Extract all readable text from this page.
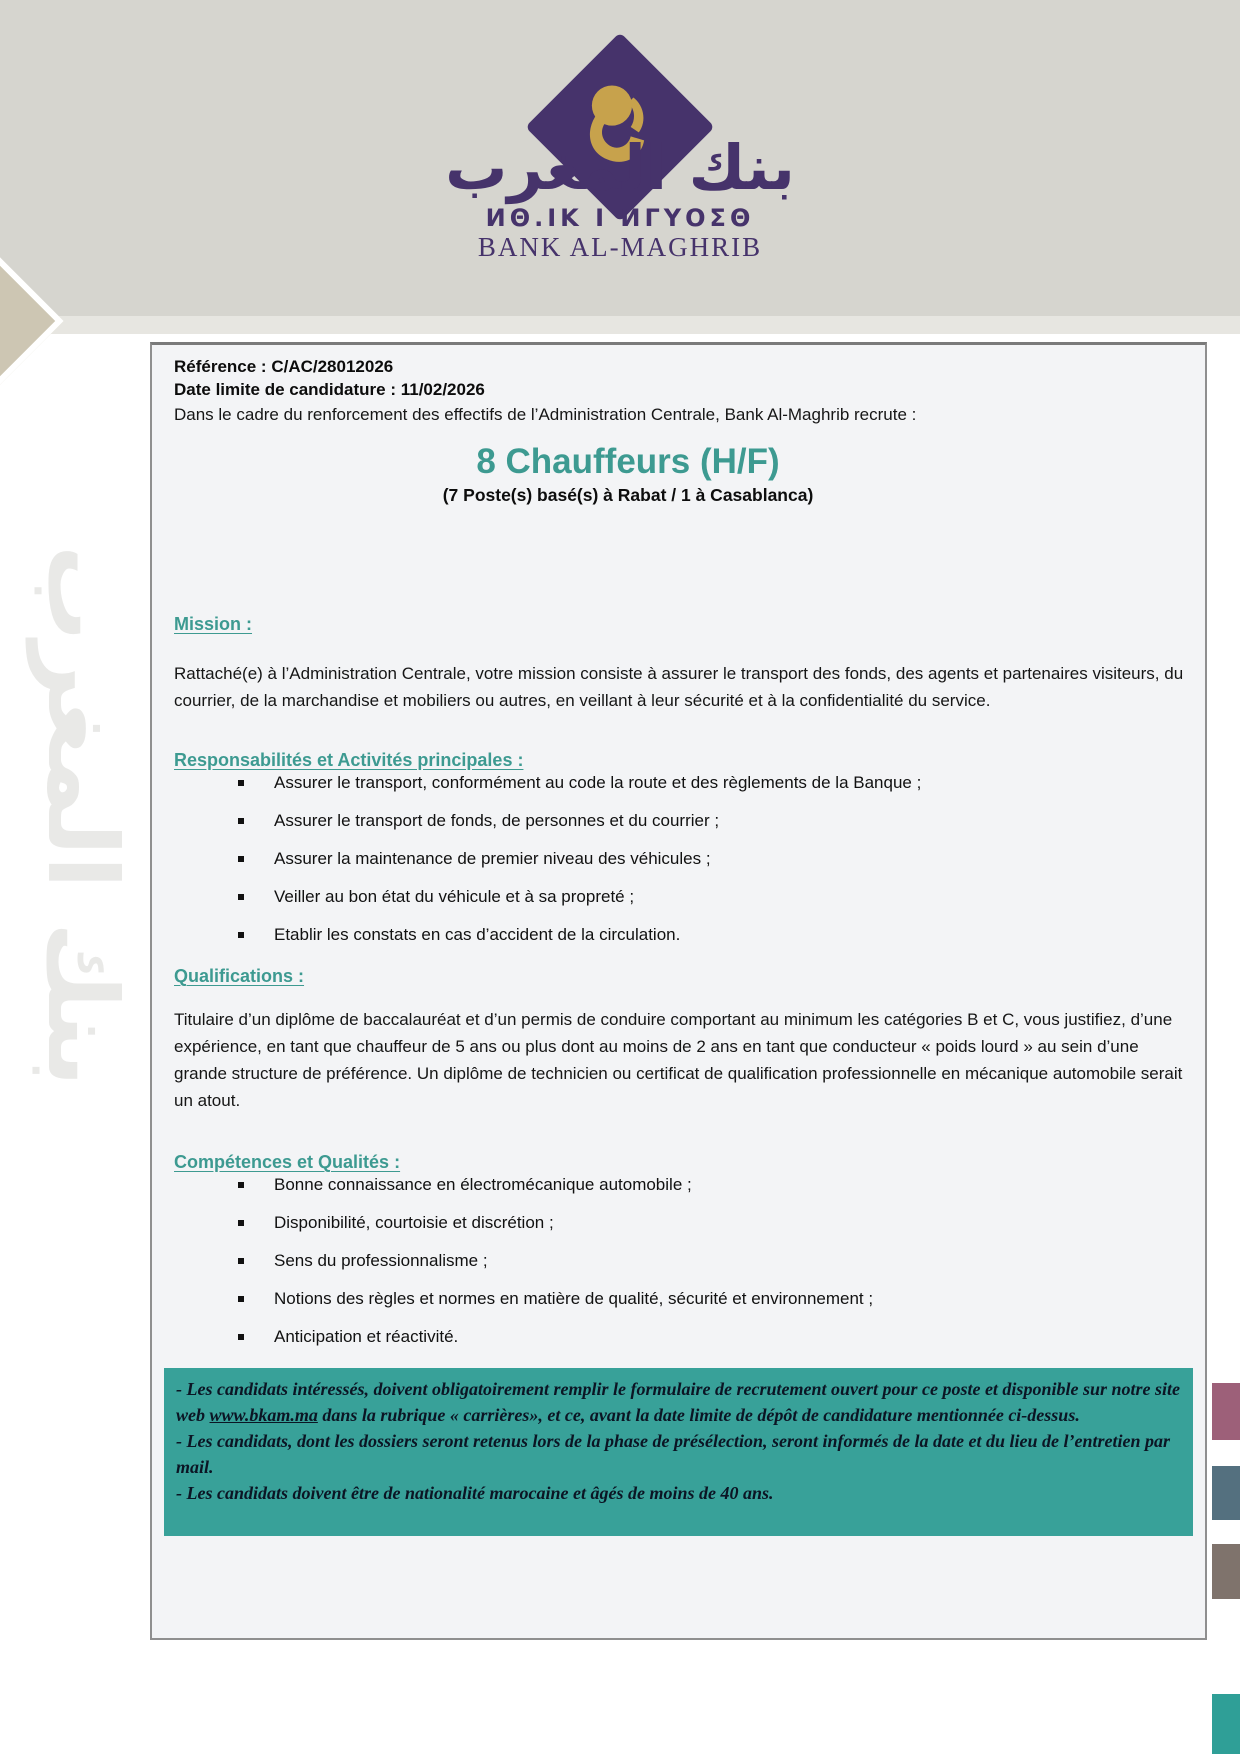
بنك المغرب
ИΘ.ІΚ І ИГΥΟΣΘ
BANK AL-MAGHRIB
بنك المغرب
Référence : C/AC/28012026
Date limite de candidature : 11/02/2026

Dans le cadre du renforcement des effectifs de l’Administration Centrale, Bank Al-Maghrib recrute :

8 Chauffeurs (H/F)
(7 Poste(s) basé(s) à Rabat / 1 à Casablanca)
Mission :

Rattaché(e) à l’Administration Centrale, votre mission consiste à assurer le transport des fonds, des agents et partenaires visiteurs, du courrier, de la marchandise et mobiliers ou autres, en veillant à leur sécurité et à la confidentialité du service.

Responsabilités et Activités principales :
Assurer le transport, conformément au code la route et des règlements de la Banque ;
Assurer le transport de fonds, de personnes et du courrier ;
Assurer la maintenance de premier niveau des véhicules ;
Veiller au bon état du véhicule et à sa propreté ;
Etablir les constats en cas d’accident de la circulation.
Qualifications :

Titulaire d’un diplôme de baccalauréat et d’un permis de conduire comportant au minimum les catégories B et C, vous justifiez, d’une expérience, en tant que chauffeur de 5 ans ou plus dont au moins de 2 ans en tant que conducteur « poids lourd » au sein d’une grande structure de préférence. Un diplôme de technicien ou certificat de qualification professionnelle en mécanique automobile serait un atout.

Compétences et Qualités :
Bonne connaissance en électromécanique automobile ;
Disponibilité, courtoisie et discrétion ;
Sens du professionnalisme ;
Notions des règles et normes en matière de qualité, sécurité et environnement ;
Anticipation et réactivité.

- Les candidats intéressés, doivent obligatoirement remplir le formulaire de recrutement ouvert pour ce poste et disponible sur notre site web www.bkam.ma dans la rubrique « carrières», et ce, avant la date limite de dépôt de candidature mentionnée ci-dessus.

- Les candidats, dont les dossiers seront retenus lors de la phase de présélection, seront informés de la date et du lieu de l’entretien par mail.

- Les candidats doivent être de nationalité marocaine et âgés de moins de 40 ans.
